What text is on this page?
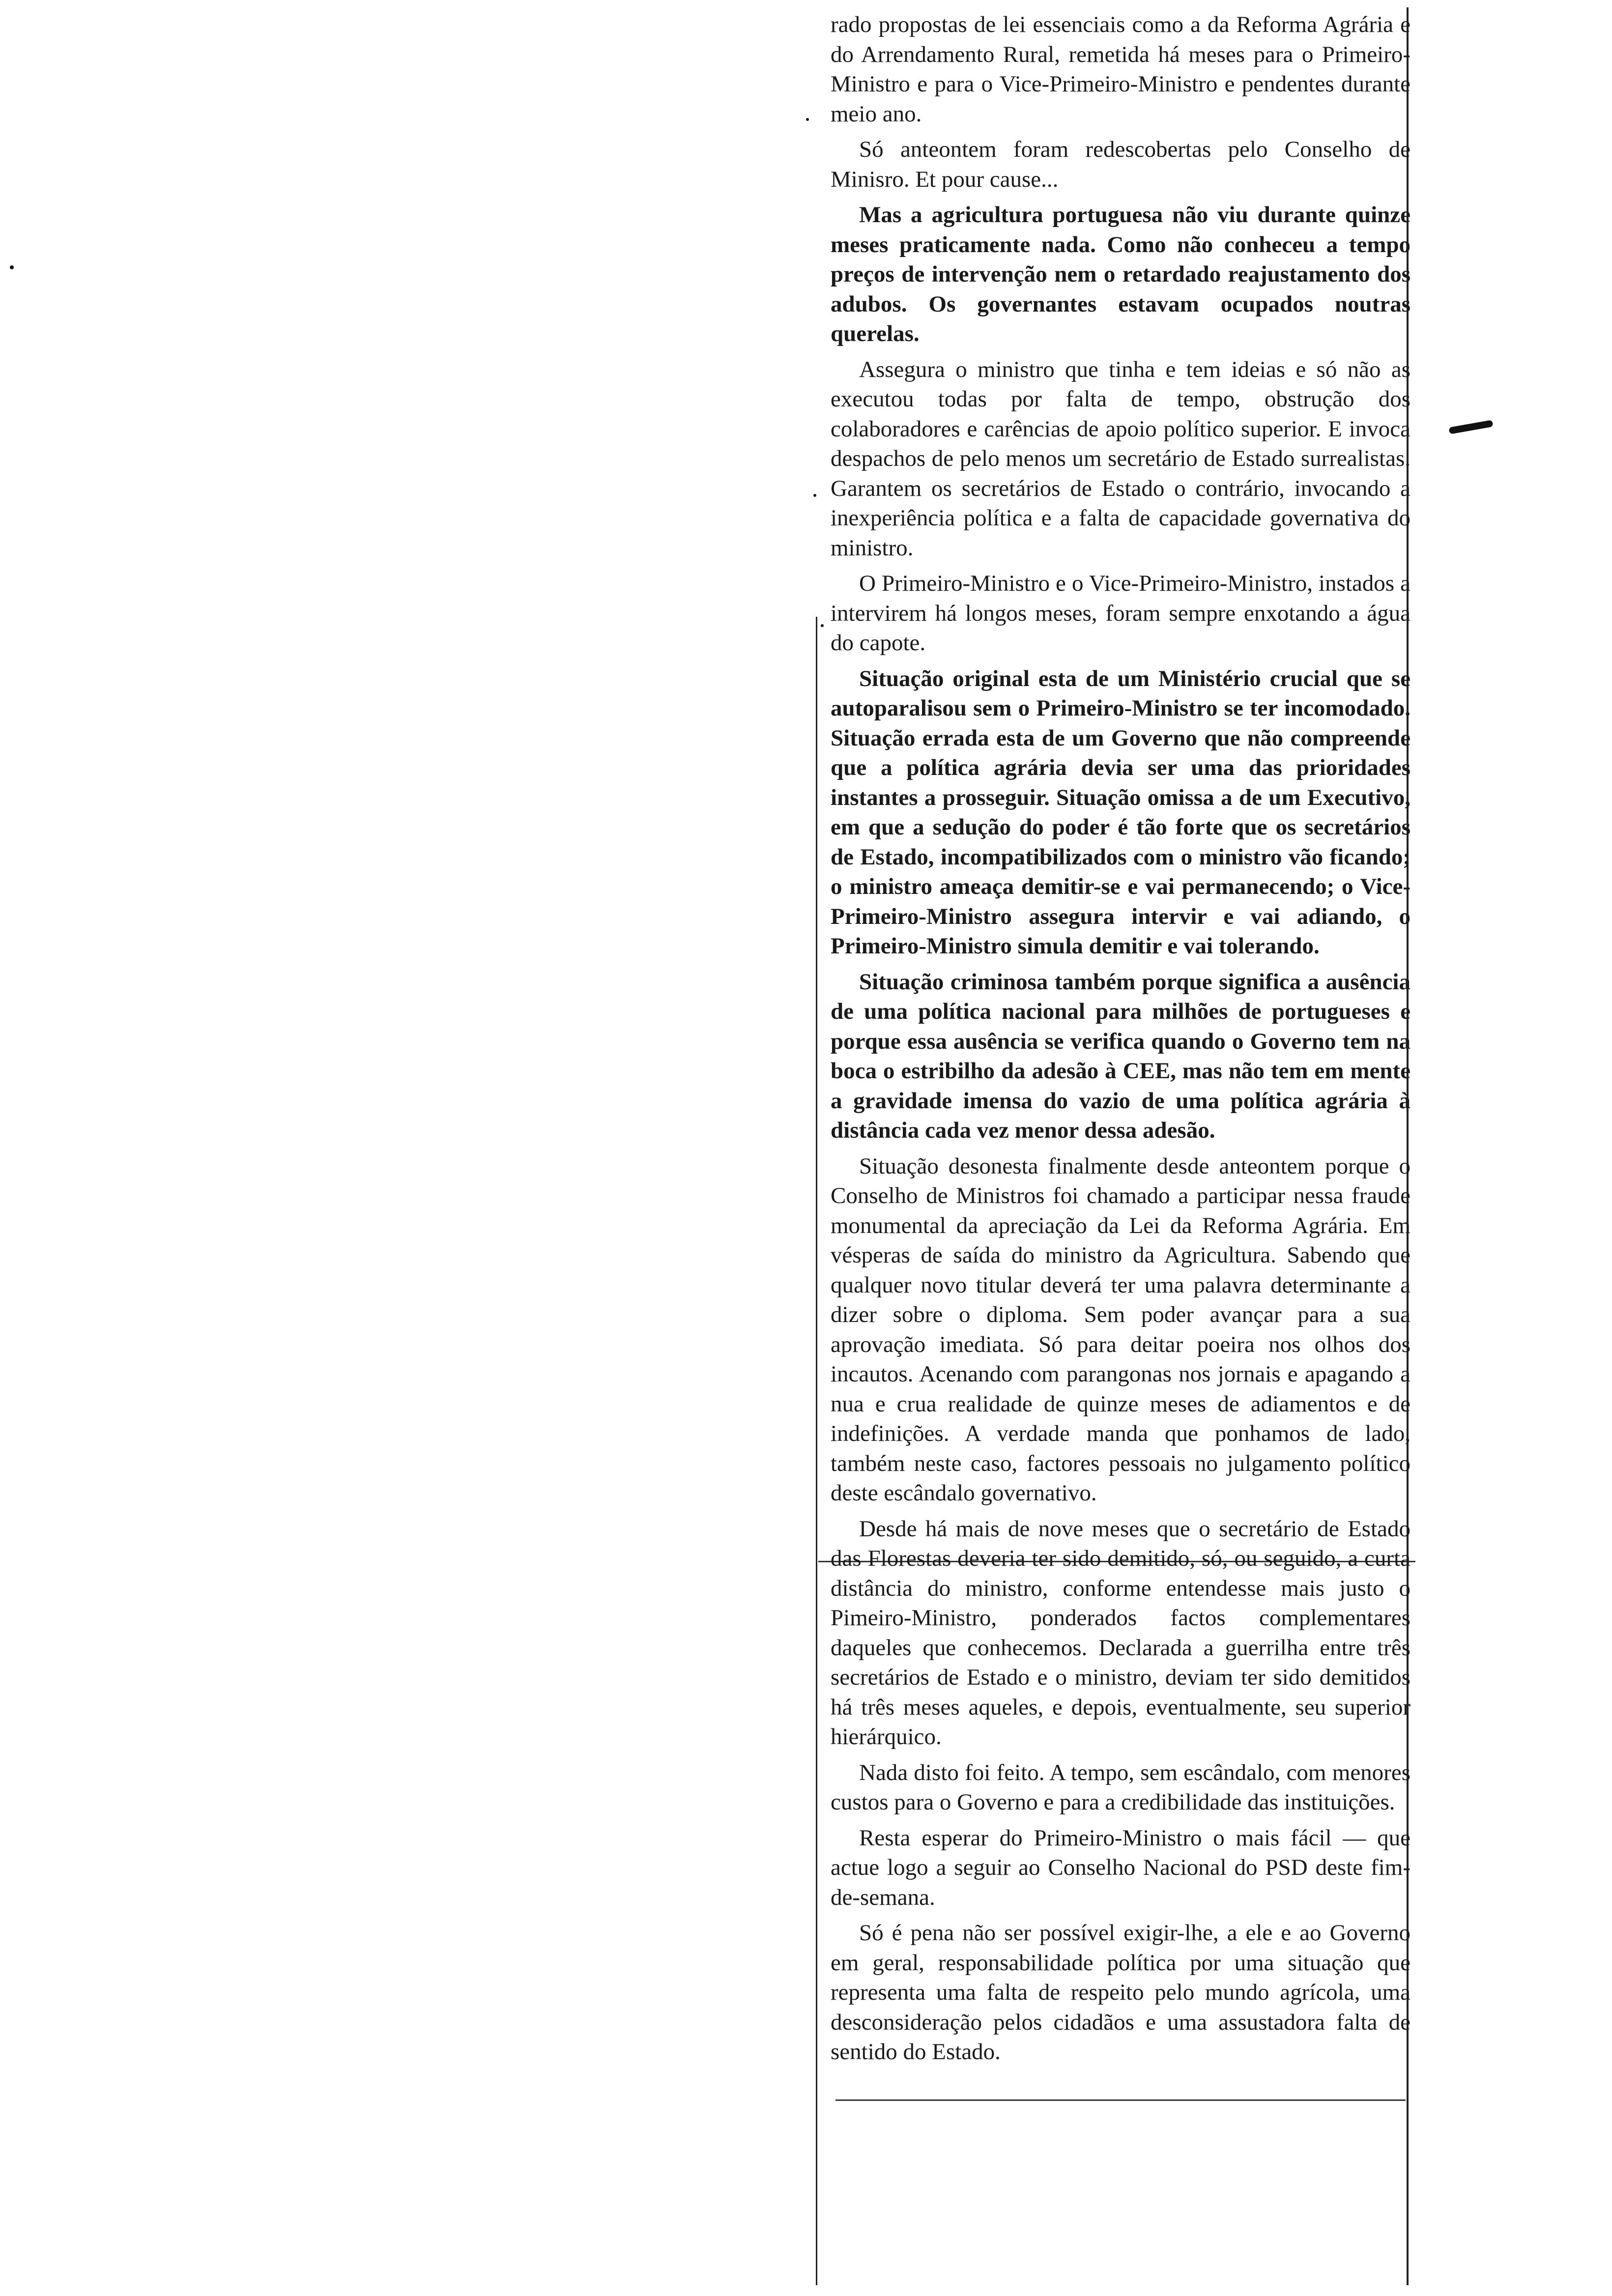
rado propostas de lei essenciais como a da Reforma Agrária e do Arrendamento Rural, remetida há meses para o Primeiro-Ministro e para o Vice-Primeiro-Ministro e pendentes durante meio ano.

Só anteontem foram redescobertas pelo Conselho de Minisro. Et pour cause...

Mas a agricultura portuguesa não viu durante quinze meses praticamente nada. Como não conheceu a tempo preços de intervenção nem o retardado reajustamento dos adubos. Os governantes estavam ocupados noutras querelas.

Assegura o ministro que tinha e tem ideias e só não as executou todas por falta de tempo, obstrução dos colaboradores e carências de apoio político superior. E invoca despachos de pelo menos um secretário de Estado surrealistas. Garantem os secretários de Estado o contrário, invocando a inexperiência política e a falta de capacidade governativa do ministro.

O Primeiro-Ministro e o Vice-Primeiro-Ministro, instados a intervirem há longos meses, foram sempre enxotando a água do capote.

Situação original esta de um Ministério crucial que se autoparalisou sem o Primeiro-Ministro se ter incomodado. Situação errada esta de um Governo que não compreende que a política agrária devia ser uma das prioridades instantes a prosseguir. Situação omissa a de um Executivo, em que a sedução do poder é tão forte que os secretários de Estado, incompatibilizados com o ministro vão ficando; o ministro ameaça demitir-se e vai permanecendo; o Vice-Primeiro-Ministro assegura intervir e vai adiando, o Primeiro-Ministro simula demitir e vai tolerando.

Situação criminosa também porque significa a ausência de uma política nacional para milhões de portugueses e porque essa ausência se verifica quando o Governo tem na boca o estribilho da adesão à CEE, mas não tem em mente a gravidade imensa do vazio de uma política agrária à distância cada vez menor dessa adesão.

Situação desonesta finalmente desde anteontem porque o Conselho de Ministros foi chamado a participar nessa fraude monumental da apreciação da Lei da Reforma Agrária. Em vésperas de saída do ministro da Agricultura. Sabendo que qualquer novo titular deverá ter uma palavra determinante a dizer sobre o diploma. Sem poder avançar para a sua aprovação imediata. Só para deitar poeira nos olhos dos incautos. Acenando com parangonas nos jornais e apagando a nua e crua realidade de quinze meses de adiamentos e de indefinições. A verdade manda que ponhamos de lado, também neste caso, factores pessoais no julgamento político deste escândalo governativo.

Desde há mais de nove meses que o secretário de Estado das Florestas deveria ter sido demitido, só, ou seguido, a curta distância do ministro, conforme entendesse mais justo o Pimeiro-Ministro, ponderados factos complementares daqueles que conhecemos. Declarada a guerrilha entre três secretários de Estado e o ministro, deviam ter sido demitidos há três meses aqueles, e depois, eventualmente, seu superior hierárquico.

Nada disto foi feito. A tempo, sem escândalo, com menores custos para o Governo e para a credibilidade das instituições.

Resta esperar do Primeiro-Ministro o mais fácil — que actue logo a seguir ao Conselho Nacional do PSD deste fim-de-semana.

Só é pena não ser possível exigir-lhe, a ele e ao Governo em geral, responsabilidade política por uma situação que representa uma falta de respeito pelo mundo agrícola, uma desconsideração pelos cidadãos e uma assustadora falta de sentido do Estado.
